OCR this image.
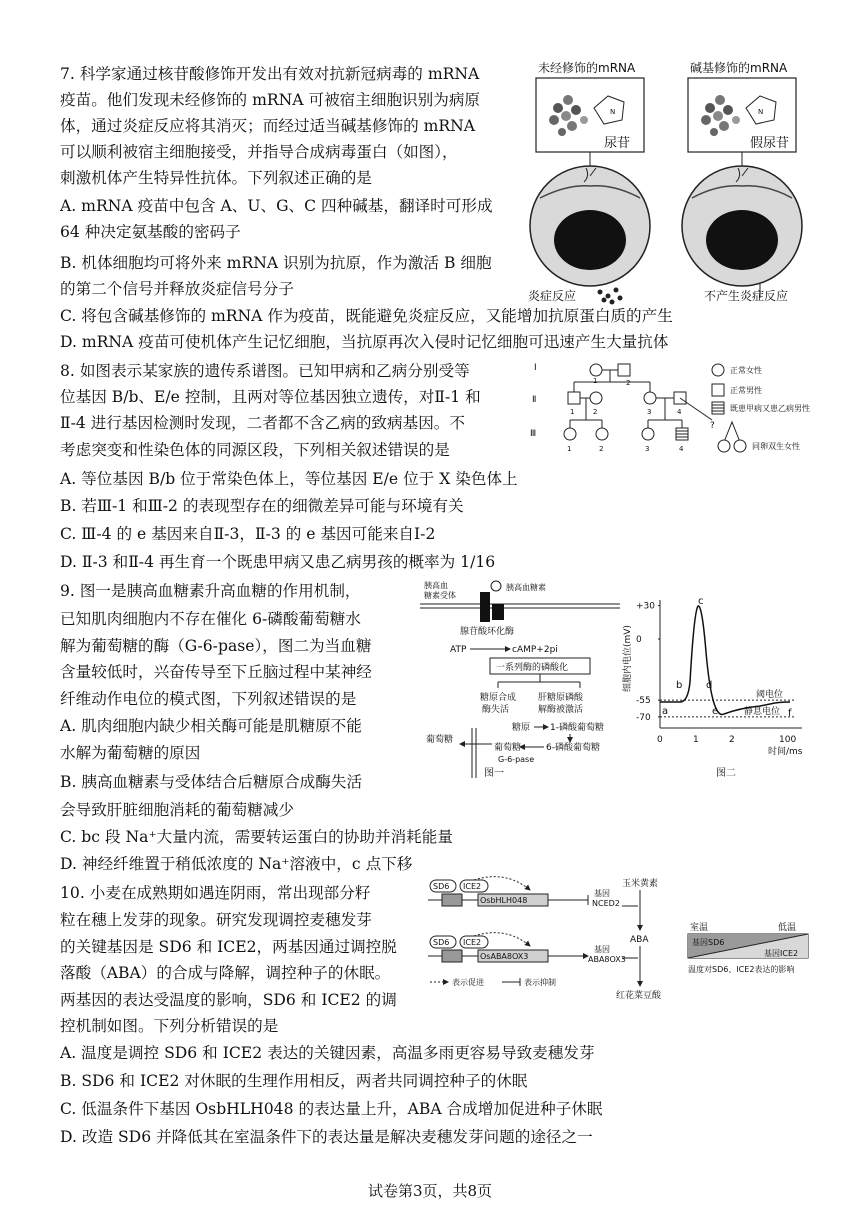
7. 科学家通过核苷酸修饰开发出有效对抗新冠病毒的 mRNA
疫苗。他们发现未经修饰的 mRNA 可被宿主细胞识别为病原
体，通过炎症反应将其消灭；而经过适当碱基修饰的 mRNA
可以顺利被宿主细胞接受，并指导合成病毒蛋白（如图），
刺激机体产生特异性抗体。下列叙述正确的是
A. mRNA 疫苗中包含 A、U、G、C 四种碱基，翻译时可形成
64 种决定氨基酸的密码子
B. 机体细胞均可将外来 mRNA 识别为抗原，作为激活 B 细胞
的第二个信号并释放炎症信号分子
C. 将包含碱基修饰的 mRNA 作为疫苗，既能避免炎症反应，又能增加抗原蛋白质的产生
D. mRNA 疫苗可使机体产生记忆细胞，当抗原再次入侵时记忆细胞可迅速产生大量抗体
未经修饰的mRNA	碱基修饰的mRNA
N
尿苷
N
假尿苷
炎症反应	不产生炎症反应
8. 如图表示某家族的遗传系谱图。已知甲病和乙病分别受等
位基因 B/b、E/e 控制，且两对等位基因独立遗传，对Ⅱ-1 和
Ⅱ-4 进行基因检测时发现，二者都不含乙病的致病基因。不
考虑突变和性染色体的同源区段，下列相关叙述错误的是
A. 等位基因 B/b 位于常染色体上，等位基因 E/e 位于 X 染色体上
B. 若Ⅲ-1 和Ⅲ-2 的表现型存在的细微差异可能与环境有关
C. Ⅲ-4 的 e 基因来自Ⅱ-3，Ⅱ-3 的 e 基因可能来自Ⅰ-2
D. Ⅱ-3 和Ⅱ-4 再生育一个既患甲病又患乙病男孩的概率为 1/16
Ⅰ
Ⅱ
Ⅲ
1	2
1	2	3	4
?
1	2	3	4
正常女性
正常男性
既患甲病又患乙病男性
同卵双生女性
9. 图一是胰高血糖素升高血糖的作用机制，
已知肌肉细胞内不存在催化 6-磷酸葡萄糖水
解为葡萄糖的酶（G-6-pase），图二为当血糖
含量较低时，兴奋传导至下丘脑过程中某神经
纤维动作电位的模式图，下列叙述错误的是
A. 肌肉细胞内缺少相关酶可能是肌糖原不能
水解为葡萄糖的原因
B. 胰高血糖素与受体结合后糖原合成酶失活
会导致肝脏细胞消耗的葡萄糖减少
C. bc 段 Na⁺大量内流，需要转运蛋白的协助并消耗能量
D. 神经纤维置于稍低浓度的 Na⁺溶液中，c 点下移
胰高血
糖素受体
胰高血糖素
腺苷酸环化酶
ATP	cAMP+2pi
一系列酶的磷酸化
糖原合成
酶失活
肝糖原磷酸
解酶被激活
糖原 1-磷酸葡萄糖
6-磷酸葡萄糖
葡萄糖
G-6-pase
葡萄糖
图一
细胞内电位(mV)
+30
0
-55
-70
0	1	2	100
阈电位
静息电位
a
b
c
d
e	f
时间/ms
图二
10. 小麦在成熟期如遇连阴雨，常出现部分籽
粒在穗上发芽的现象。研究发现调控麦穗发芽
的关键基因是 SD6 和 ICE2，两基因通过调控脱
落酸（ABA）的合成与降解，调控种子的休眠。
两基因的表达受温度的影响，SD6 和 ICE2 的调
控机制如图。下列分析错误的是
A. 温度是调控 SD6 和 ICE2 表达的关键因素，高温多雨更容易导致麦穗发芽
B. SD6 和 ICE2 对休眠的生理作用相反，两者共同调控种子的休眠
C. 低温条件下基因 OsbHLH048 的表达量上升，ABA 合成增加促进种子休眠
D. 改造 SD6 并降低其在室温条件下的表达量是解决麦穗发芽问题的途径之一
SD6 ICE2
OsbHLH048
基因
NCED2
SD6 ICE2
OsABA8OX3
基因
ABA8OX3
玉米黄素
ABA
红花菜豆酸
表示促进	表示抑制
室温	低温
基因SD6
基因ICE2
温度对SD6、ICE2表达的影响
试卷第3页，共8页
